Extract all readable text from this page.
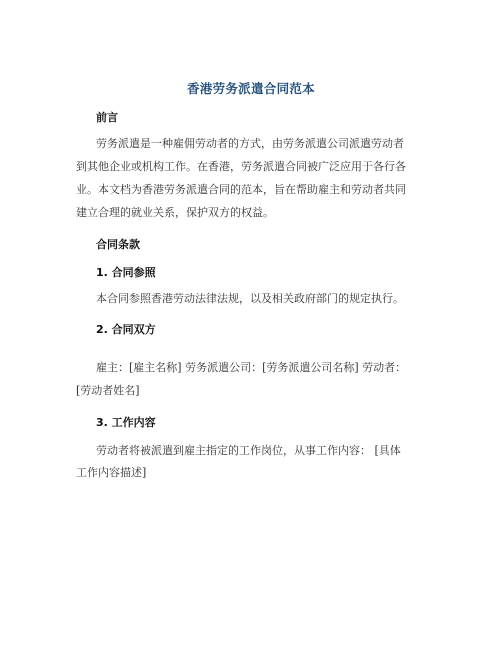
香港劳务派遣合同范本
前言
劳务派遣是一种雇佣劳动者的方式，由劳务派遣公司派遣劳动者
到其他企业或机构工作。在香港，劳务派遣合同被广泛应用于各行各
业。本文档为香港劳务派遣合同的范本，旨在帮助雇主和劳动者共同
建立合理的就业关系，保护双方的权益。
合同条款
1. 合同参照
本合同参照香港劳动法律法规，以及相关政府部门的规定执行。
2. 合同双方
雇主：[雇主名称] 劳务派遣公司：[劳务派遣公司名称] 劳动者：
[劳动者姓名]
3. 工作内容
劳动者将被派遣到雇主指定的工作岗位，从事工作内容： [具体
工作内容描述]
